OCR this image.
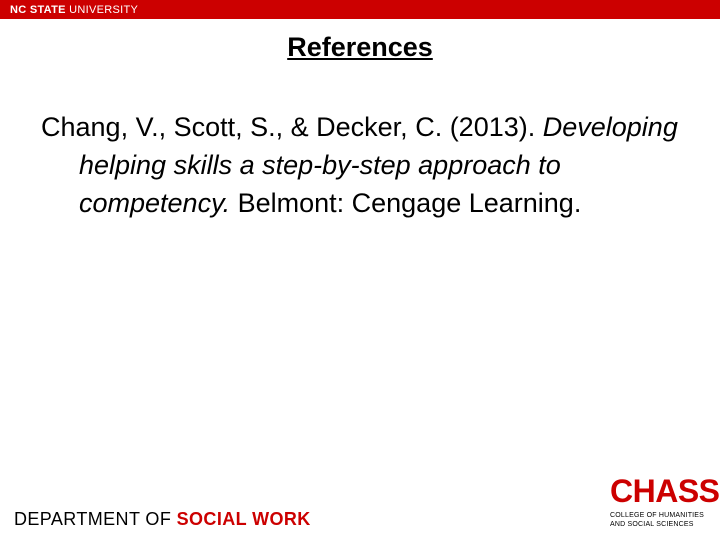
NC STATE UNIVERSITY
References
Chang, V., Scott, S., & Decker, C. (2013). Developing helping skills a step-by-step approach to competency. Belmont: Cengage Learning.
DEPARTMENT OF SOCIAL WORK
CHASS
COLLEGE OF HUMANITIES
AND SOCIAL SCIENCES
